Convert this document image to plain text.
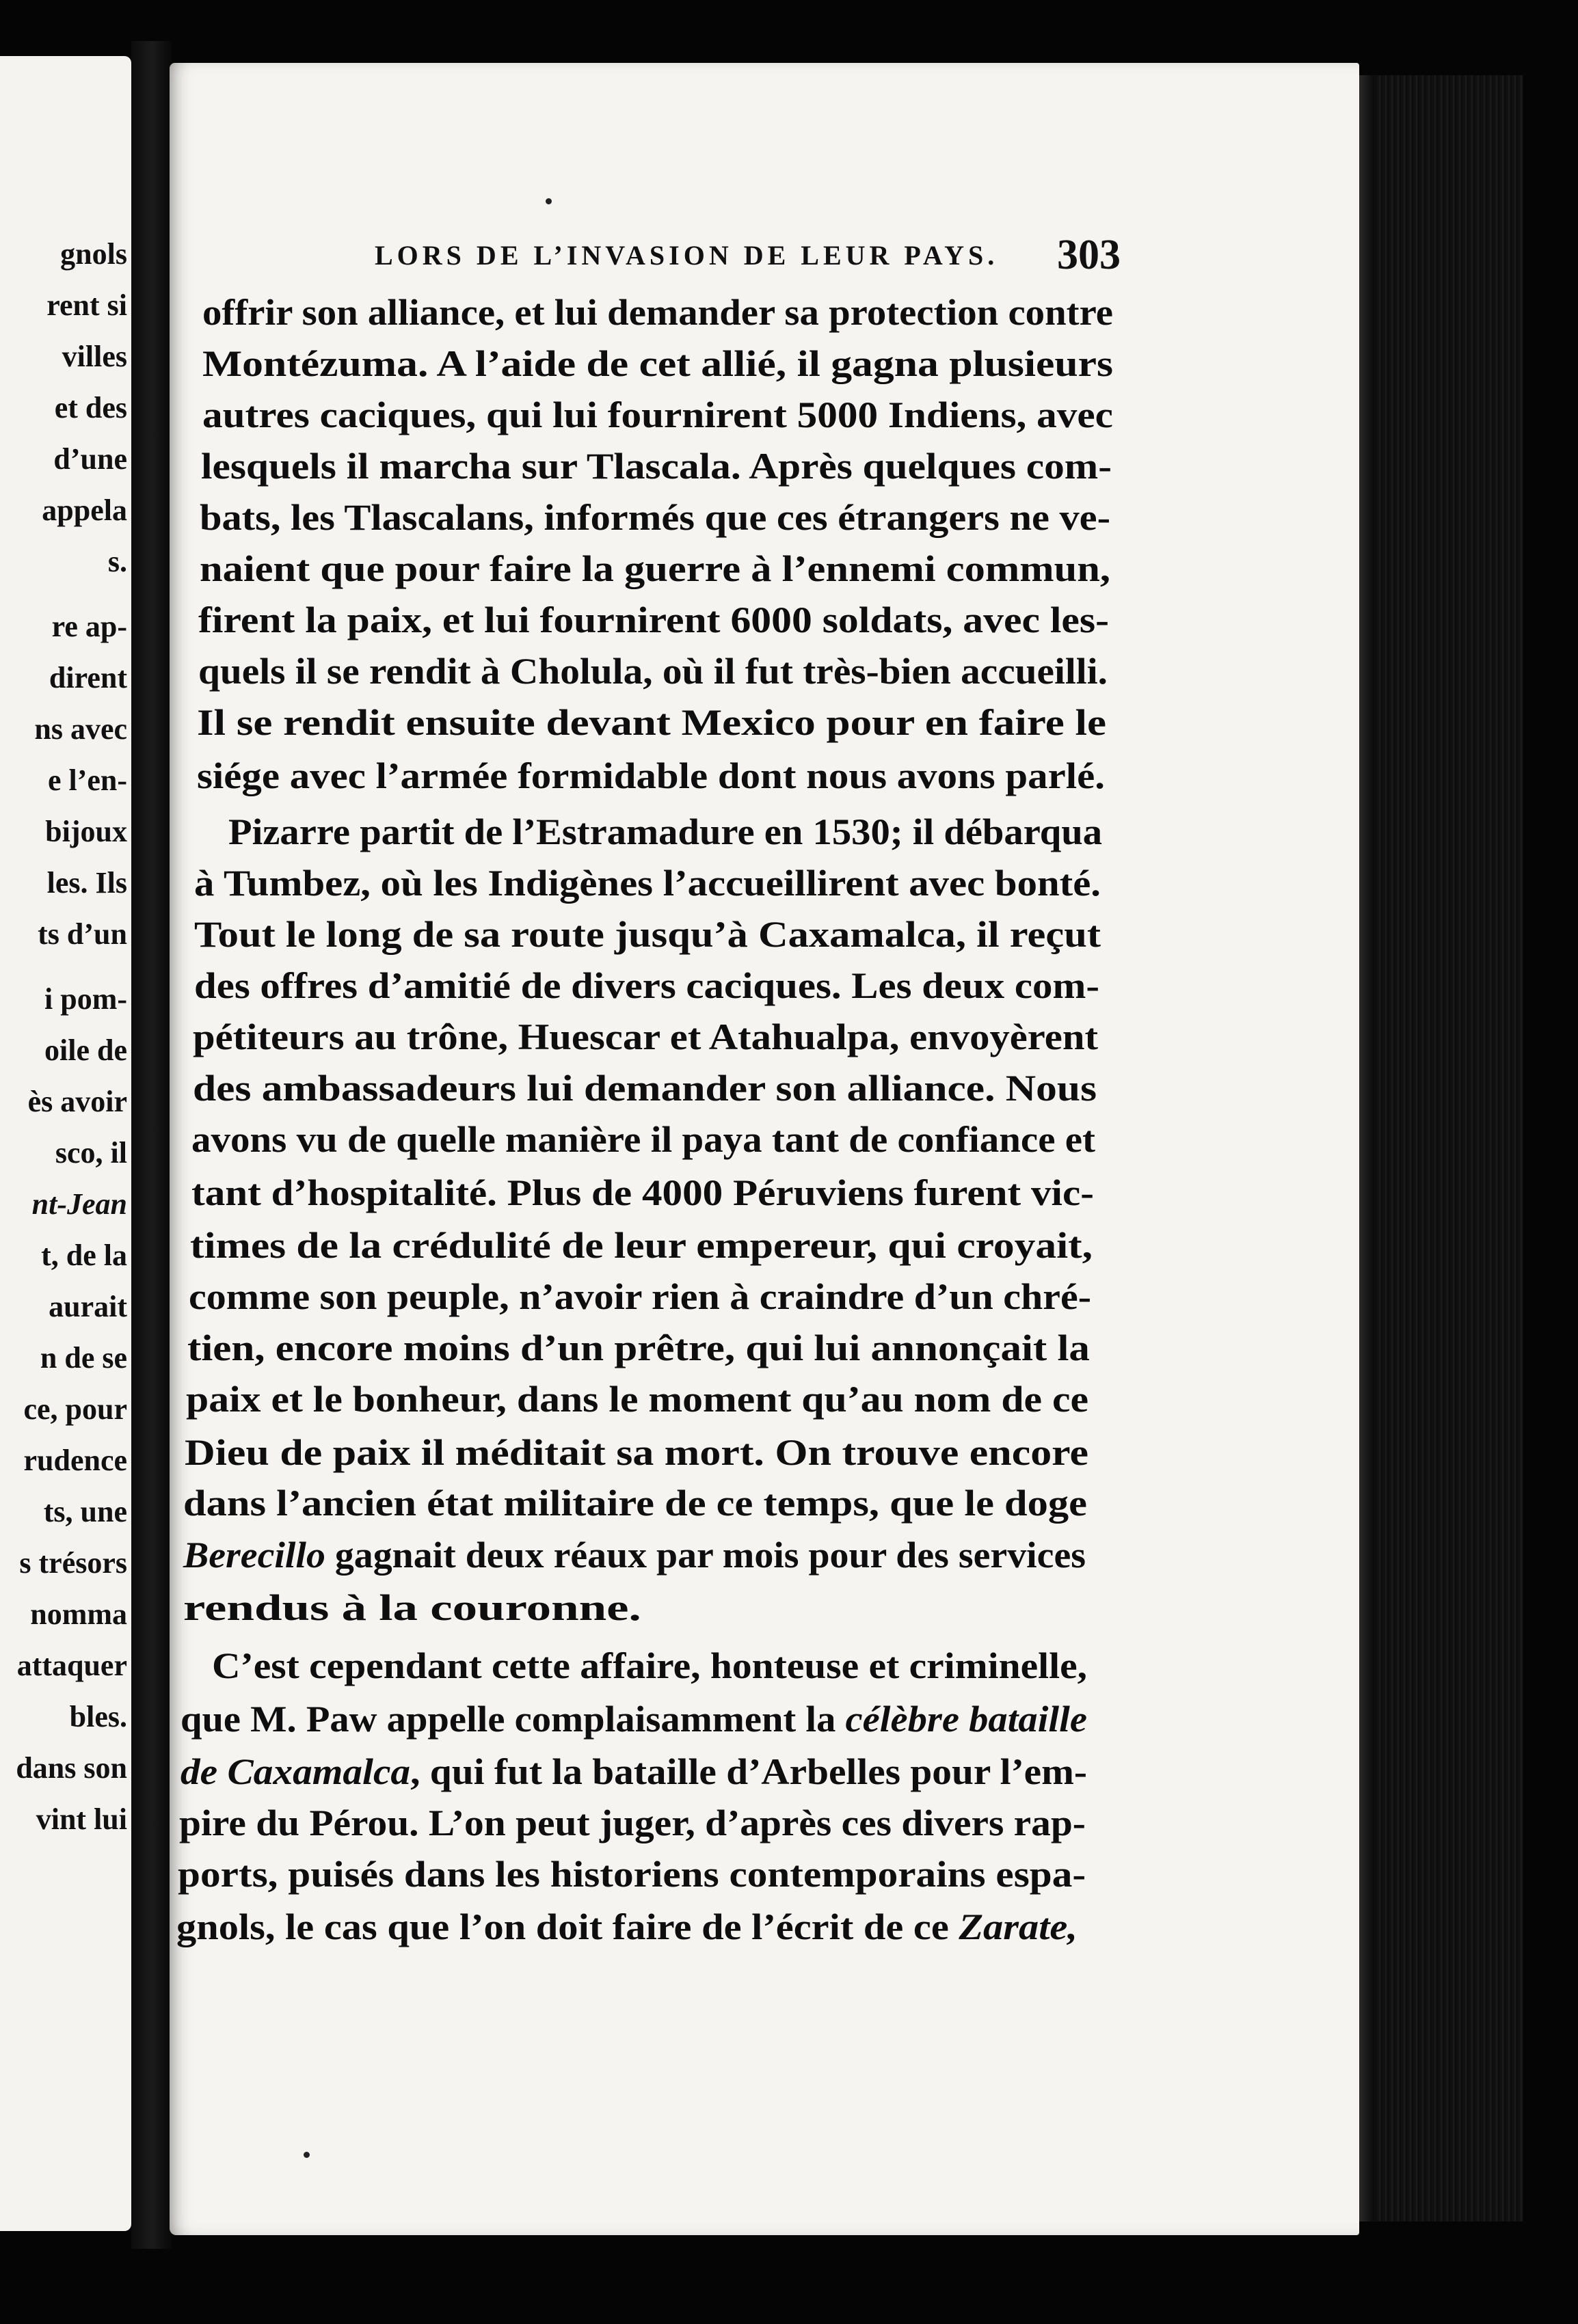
gnols
rent si
villes
et des
d’une
appela
s.
re ap-
dirent
ns avec
e l’en-
bijoux
les. Ils
ts d’un
i pom-
oile de
ès avoir
sco, il
nt-Jean
t, de la
aurait
n de se
ce, pour
rudence
ts, une
s trésors
nomma
attaquer
bles.
dans son
vint lui
LORS DE L’INVASION DE LEUR PAYS. 303
offrir son alliance, et lui demander sa protection contre
Montézuma. A l’aide de cet allié, il gagna plusieurs
autres caciques, qui lui fournirent 5000 Indiens, avec
lesquels il marcha sur Tlascala. Après quelques com-
bats, les Tlascalans, informés que ces étrangers ne ve-
naient que pour faire la guerre à l’ennemi commun,
firent la paix, et lui fournirent 6000 soldats, avec les-
quels il se rendit à Cholula, où il fut très-bien accueilli.
Il se rendit ensuite devant Mexico pour en faire le
siége avec l’armée formidable dont nous avons parlé.
Pizarre partit de l’Estramadure en 1530; il débarqua
à Tumbez, où les Indigènes l’accueillirent avec bonté.
Tout le long de sa route jusqu’à Caxamalca, il reçut
des offres d’amitié de divers caciques. Les deux com-
pétiteurs au trône, Huescar et Atahualpa, envoyèrent
des ambassadeurs lui demander son alliance. Nous
avons vu de quelle manière il paya tant de confiance et
tant d’hospitalité. Plus de 4000 Péruviens furent vic-
times de la crédulité de leur empereur, qui croyait,
comme son peuple, n’avoir rien à craindre d’un chré-
tien, encore moins d’un prêtre, qui lui annonçait la
paix et le bonheur, dans le moment qu’au nom de ce
Dieu de paix il méditait sa mort. On trouve encore
dans l’ancien état militaire de ce temps, que le doge
Berecillo gagnait deux réaux par mois pour des services
rendus à la couronne.
C’est cependant cette affaire, honteuse et criminelle,
que M. Paw appelle complaisamment la célèbre bataille
de Caxamalca, qui fut la bataille d’Arbelles pour l’em-
pire du Pérou. L’on peut juger, d’après ces divers rap-
ports, puisés dans les historiens contemporains espa-
gnols, le cas que l’on doit faire de l’écrit de ce Zarate,
